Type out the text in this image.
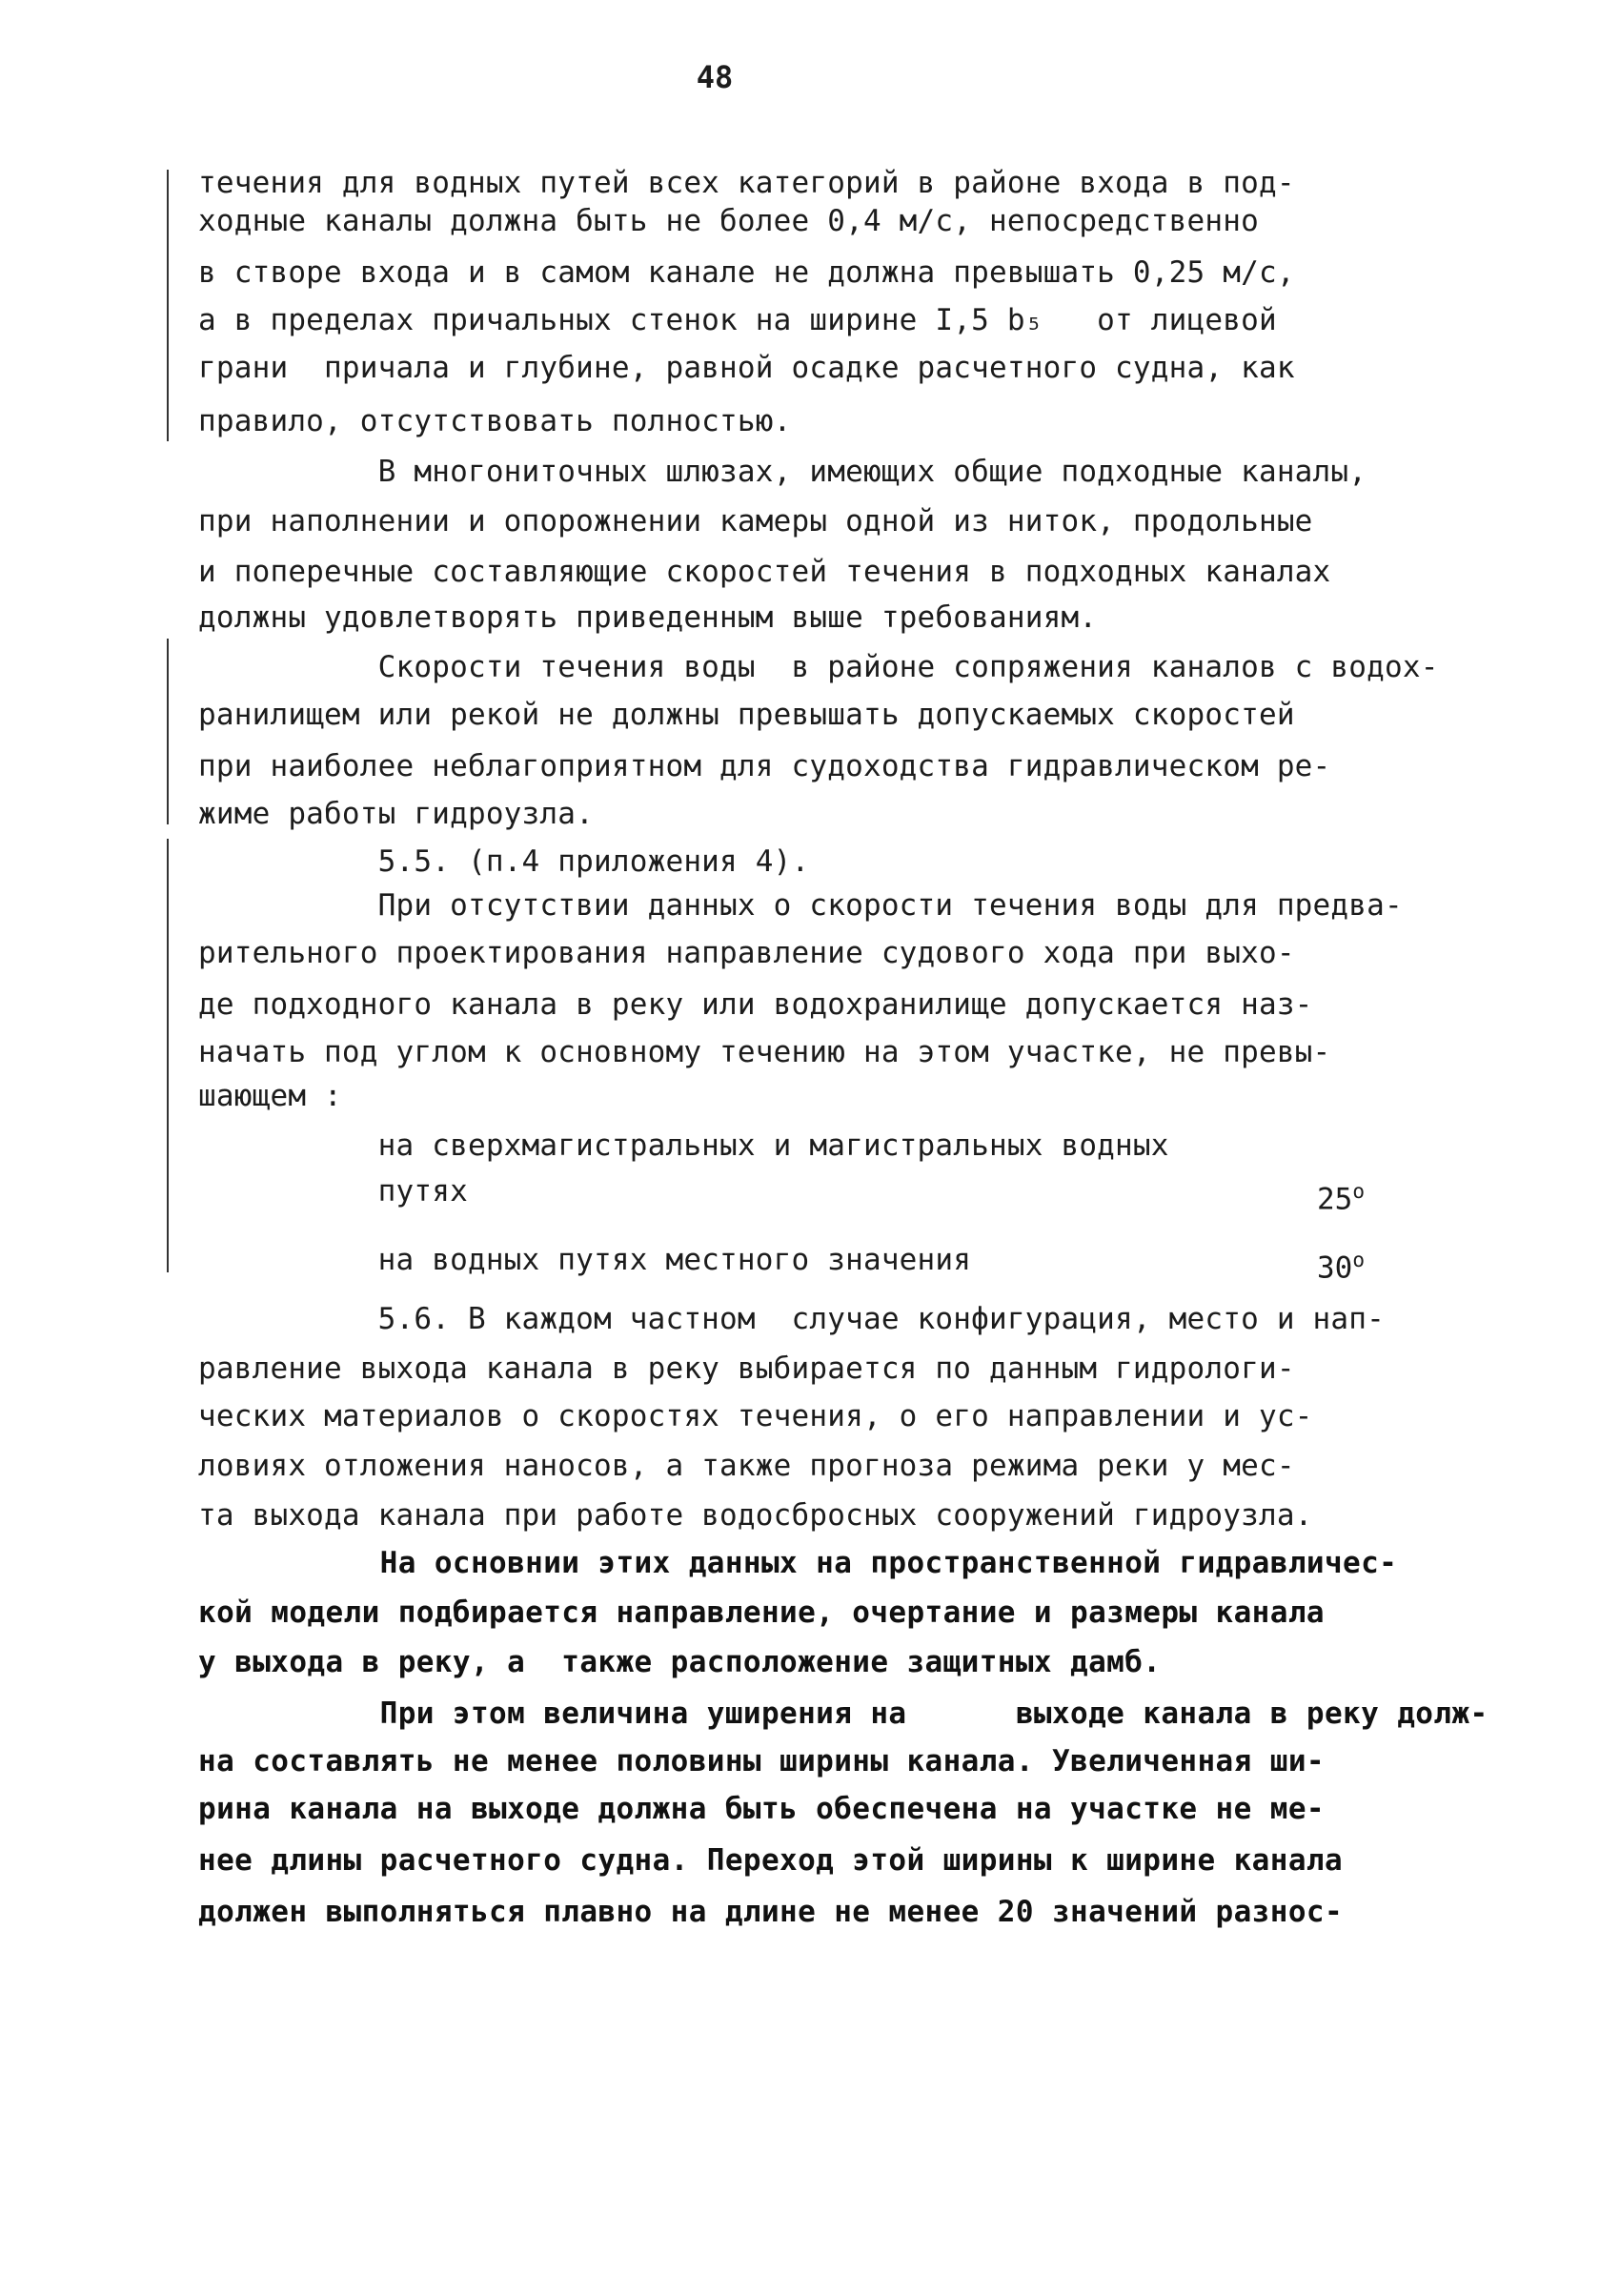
48
течения для водных путей всех категорий в районе входа в под-
ходные каналы должна быть не более 0,4 м/с, непосредственно
в створе входа и в самом канале не должна превышать 0,25 м/с,
а в пределах причальных стенок на ширине I,5 b₅   от лицевой
грани  причала и глубине, равной осадке расчетного судна, как
правило, отсутствовать полностью.
В многониточных шлюзах, имеющих общие подходные каналы,
при наполнении и опорожнении камеры одной из ниток, продольные
и поперечные составляющие скоростей течения в подходных каналах
должны удовлетворять приведенным выше требованиям.
Скорости течения воды  в районе сопряжения каналов с водох-
ранилищем или рекой не должны превышать допускаемых скоростей
при наиболее неблагоприятном для судоходства гидравлическом ре-
жиме работы гидроузла.
5.5. (п.4 приложения 4).
При отсутствии данных о скорости течения воды для предва-
рительного проектирования направление судового хода при выхо-
де подходного канала в реку или водохранилище допускается наз-
начать под углом к основному течению на этом участке, не превы-
шающем :
на сверхмагистральных и магистральных водных
путях	25$^o$
на водных путях местного значения	30$^o$
5.6. В каждом частном  случае конфигурация, место и нап-
равление выхода канала в реку выбирается по данным гидрологи-
ческих материалов о скоростях течения, о его направлении и ус-
ловиях отложения наносов, а также прогноза режима реки у мес-
та выхода канала при работе водосбросных сооружений гидроузла.
На основнии этих данных на пространственной гидравличес-
кой модели подбирается направление, очертание и размеры канала
у выхода в реку, а  также расположение защитных дамб.
При этом величина уширения на      выходе канала в реку долж-
на составлять не менее половины ширины канала. Увеличенная ши-
рина канала на выходе должна быть обеспечена на участке не ме-
нее длины расчетного судна. Переход этой ширины к ширине канала
должен выполняться плавно на длине не менее 20 значений разнос-
